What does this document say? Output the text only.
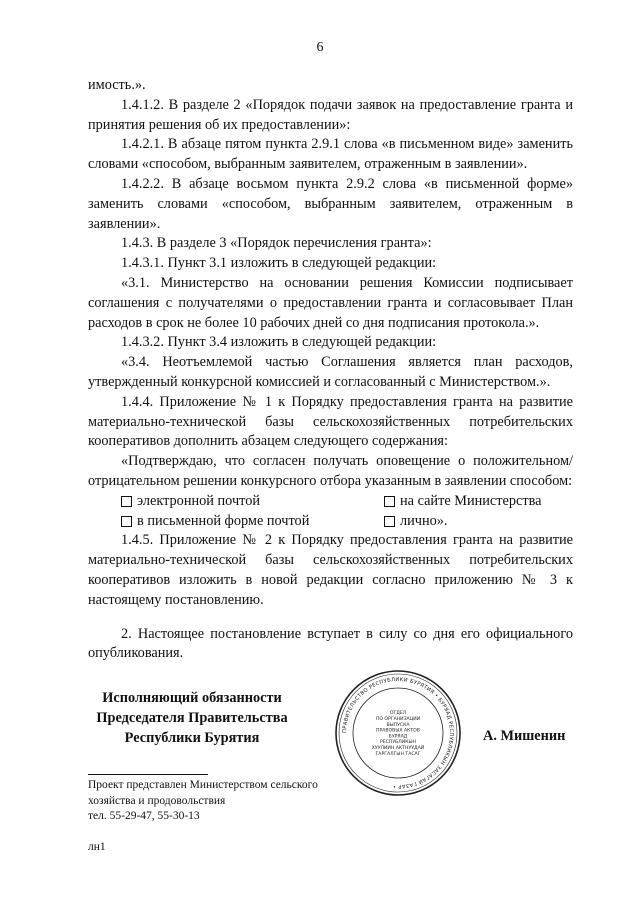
6

имость.».

1.4.1.2. В разделе 2 «Порядок подачи заявок на предоставление гранта и принятия решения об их предоставлении»:

1.4.2.1. В абзаце пятом пункта 2.9.1 слова «в письменном виде» заменить словами «способом, выбранным заявителем, отраженным в заявлении».

1.4.2.2. В абзаце восьмом пункта 2.9.2 слова «в письменной форме» заменить словами «способом, выбранным заявителем, отраженным в заявлении».

1.4.3. В разделе 3 «Порядок перечисления гранта»:

1.4.3.1. Пункт 3.1 изложить в следующей редакции:

«3.1. Министерство на основании решения Комиссии подписывает соглашения с получателями о предоставлении гранта и согласовывает План расходов в срок не более 10 рабочих дней со дня подписания протокола.».

1.4.3.2. Пункт 3.4 изложить в следующей редакции:

«3.4. Неотъемлемой частью Соглашения является план расходов, утвержденный конкурсной комиссией и согласованный с Министерством.».

1.4.4. Приложение № 1 к Порядку предоставления гранта на развитие материально-технической базы сельскохозяйственных потребительских кооперативов дополнить абзацем следующего содержания:

«Подтверждаю, что согласен получать оповещение о положительном/отрицательном решении конкурсного отбора указанным в заявлении способом:

электронной почтой	на сайте Министерства
в письменной форме почтой	лично».

1.4.5. Приложение № 2 к Порядку предоставления гранта на развитие материально-технической базы сельскохозяйственных потребительских кооперативов изложить в новой редакции согласно приложению № 3 к настоящему постановлению.

2. Настоящее постановление вступает в силу со дня его официального опубликования.

Исполняющий обязанности
Председателя Правительства
Республики Бурятия	ПРАВИТЕЛЬСТВО РЕСПУБЛИКИ БУРЯТИЯ • БУРЯАД РЕСПУБЛИКЫН ЗАСАГАЙ ГАЗАР •
ОТДЕЛ
ПО ОРГАНИЗАЦИИ
ВЫПУСКА
ПРАВОВЫХ АКТОВ
БУРЯАД
РЕСПУБЛИКЫН
ХУУЛИИН АКТНУУДАЙ
ГАРГАЛГЫН ТАСАГ
А. Мишенин
Проект представлен Министерством сельского
хозяйства и продовольствия
тел. 55-29-47, 55-30-13
лн1
